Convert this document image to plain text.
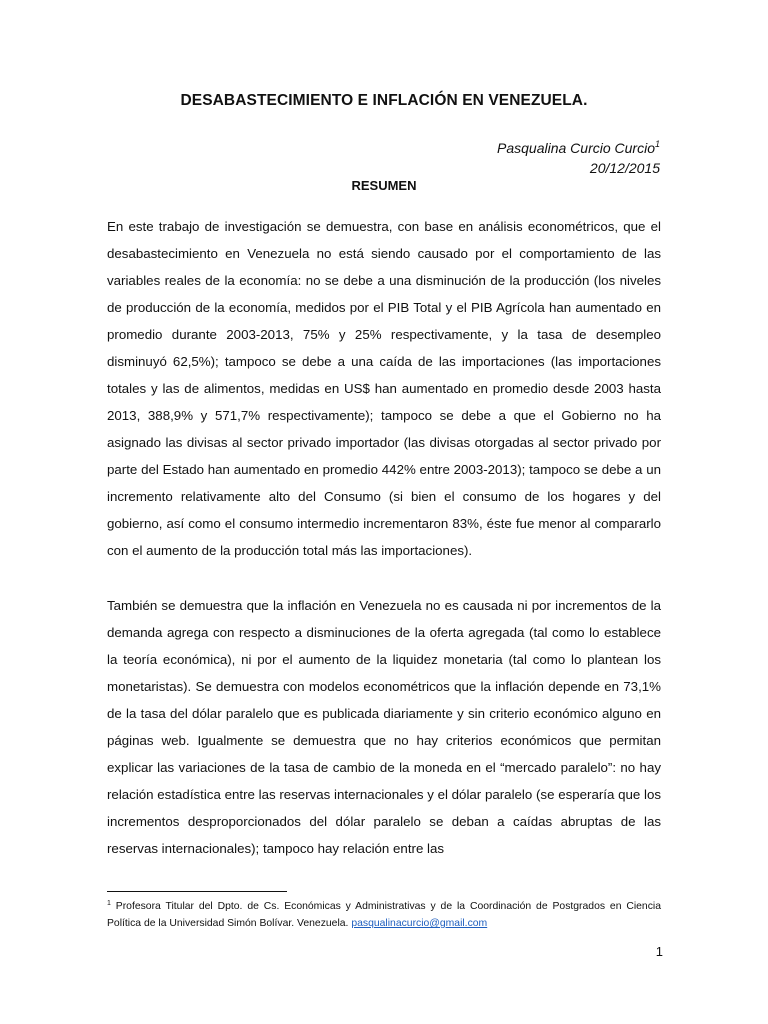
DESABASTECIMIENTO E INFLACIÓN EN VENEZUELA.
Pasqualina Curcio Curcio$^1$
20/12/2015
RESUMEN

En este trabajo de investigación se demuestra, con base en análisis econométricos, que el desabastecimiento en Venezuela no está siendo causado por el comportamiento de las variables reales de la economía: no se debe a una disminución de la producción (los niveles de producción de la economía, medidos por el PIB Total y el PIB Agrícola han aumentado en promedio durante 2003-2013, 75% y 25% respectivamente, y la tasa de desempleo disminuyó 62,5%); tampoco se debe a una caída de las importaciones (las importaciones totales y las de alimentos, medidas en US$ han aumentado en promedio desde 2003 hasta 2013, 388,9% y 571,7% respectivamente); tampoco se debe a que el Gobierno no ha asignado las divisas al sector privado importador (las divisas otorgadas al sector privado por parte del Estado han aumentado en promedio 442% entre 2003-2013); tampoco se debe a un incremento relativamente alto del Consumo (si bien el consumo de los hogares y del gobierno, así como el consumo intermedio incrementaron 83%, éste fue menor al compararlo con el aumento de la producción total más las importaciones).

También se demuestra que la inflación en Venezuela no es causada ni por incrementos de la demanda agrega con respecto a disminuciones de la oferta agregada (tal como lo establece la teoría económica), ni por el aumento de la liquidez monetaria (tal como lo plantean los monetaristas). Se demuestra con modelos econométricos que la inflación depende en 73,1% de la tasa del dólar paralelo que es publicada diariamente y sin criterio económico alguno en páginas web. Igualmente se demuestra que no hay criterios económicos que permitan explicar las variaciones de la tasa de cambio de la moneda en el “mercado paralelo”: no hay relación estadística entre las reservas internacionales y el dólar paralelo (se esperaría que los incrementos desproporcionados del dólar paralelo se deban a caídas abruptas de las reservas internacionales); tampoco hay relación entre las

$^1$ Profesora Titular del Dpto. de Cs. Económicas y Administrativas y de la Coordinación de Postgrados en Ciencia Política de la Universidad Simón Bolívar. Venezuela. pasqualinacurcio@gmail.com

1
